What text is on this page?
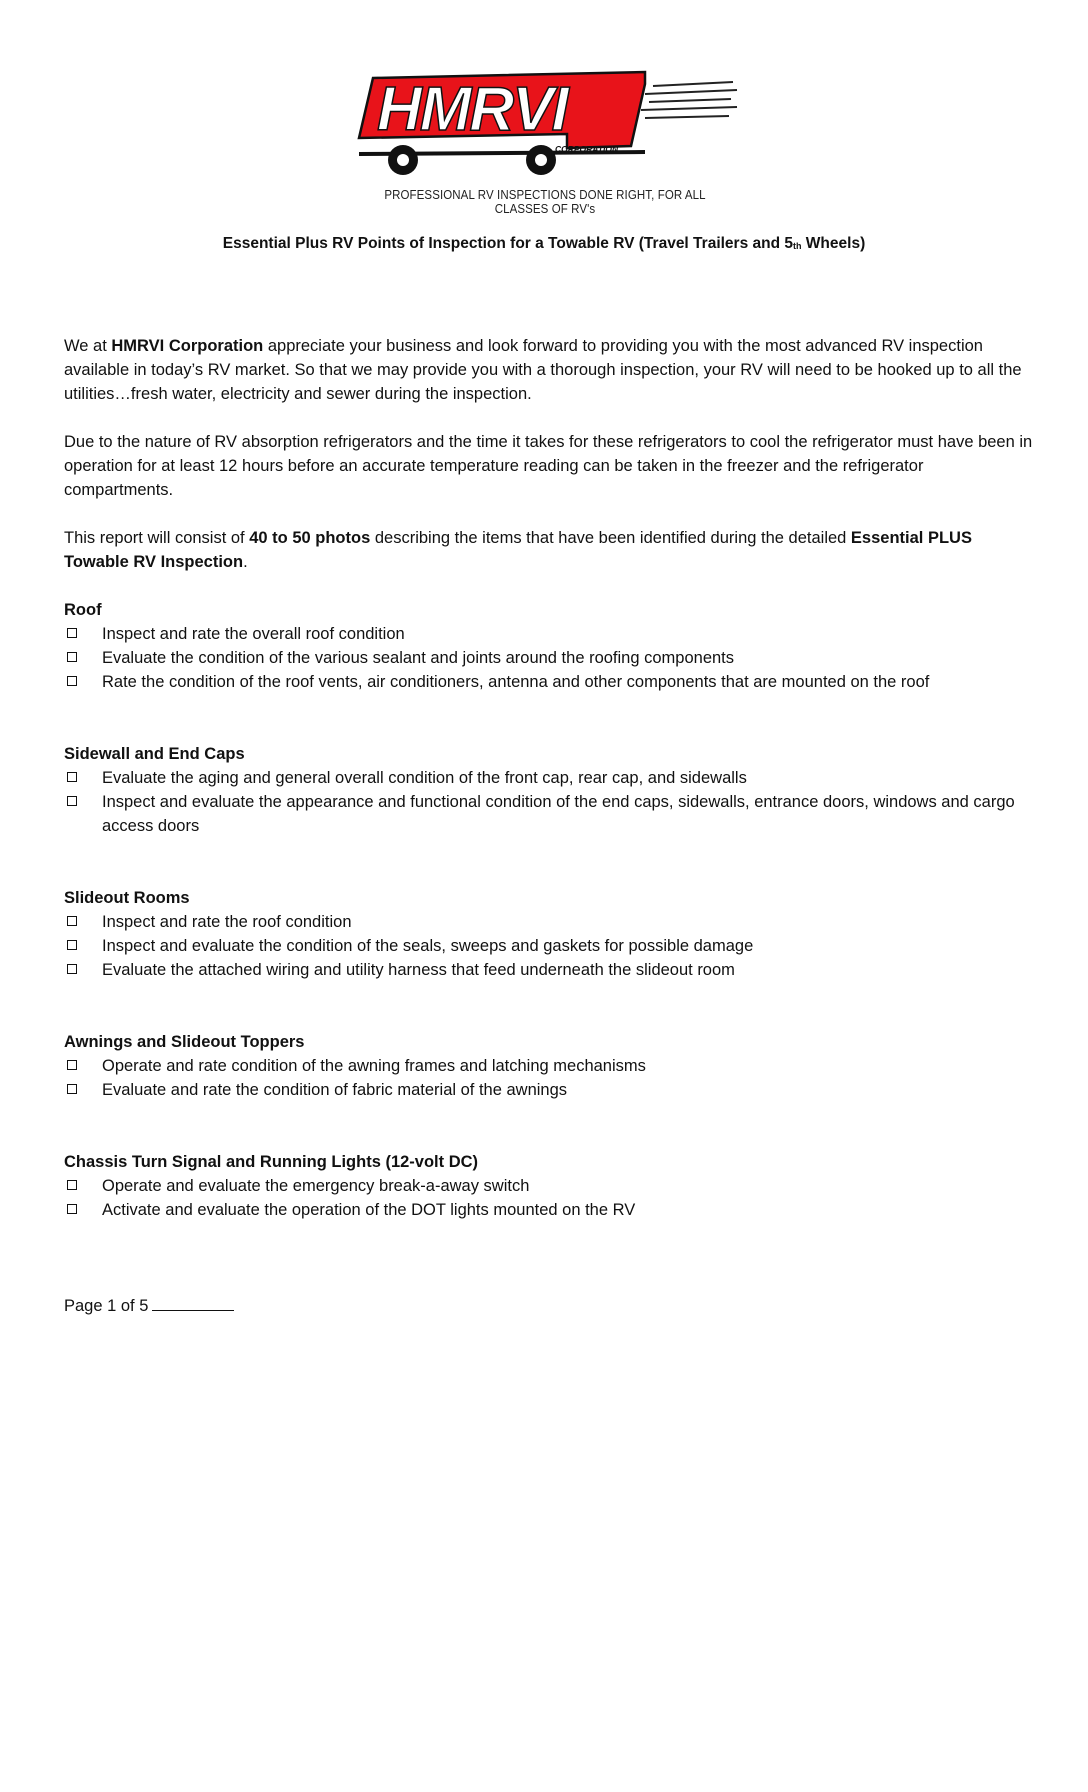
HMRVI
CORPORATION
PROFESSIONAL RV INSPECTIONS DONE RIGHT, FOR ALL CLASSES OF RV's
Essential Plus RV Points of Inspection for a Towable RV (Travel Trailers and $5_{th}$ Wheels)

We at HMRVI Corporation appreciate your business and look forward to providing you with the most advanced RV inspection available in today’s RV market. So that we may provide you with a thorough inspection, your RV will need to be hooked up to all the utilities…fresh water, electricity and sewer during the inspection.

Due to the nature of RV absorption refrigerators and the time it takes for these refrigerators to cool the refrigerator must have been in operation for at least 12 hours before an accurate temperature reading can be taken in the freezer and the refrigerator compartments.

This report will consist of 40 to 50 photos describing the items that have been identified during the detailed Essential PLUS Towable RV Inspection.

Roof
Inspect and rate the overall roof condition
Evaluate the condition of the various sealant and joints around the roofing components
Rate the condition of the roof vents, air conditioners, antenna and other components that are mounted on the roof
Sidewall and End Caps
Evaluate the aging and general overall condition of the front cap, rear cap, and sidewalls
Inspect and evaluate the appearance and functional condition of the end caps, sidewalls, entrance doors, windows and cargo access doors
Slideout Rooms
Inspect and rate the roof condition
Inspect and evaluate the condition of the seals, sweeps and gaskets for possible damage
Evaluate the attached wiring and utility harness that feed underneath the slideout room
Awnings and Slideout Toppers
Operate and rate condition of the awning frames and latching mechanisms
Evaluate and rate the condition of fabric material of the awnings
Chassis Turn Signal and Running Lights (12-volt DC)
Operate and evaluate the emergency break-a-away switch
Activate and evaluate the operation of the DOT lights mounted on the RV
Page 1 of 5
